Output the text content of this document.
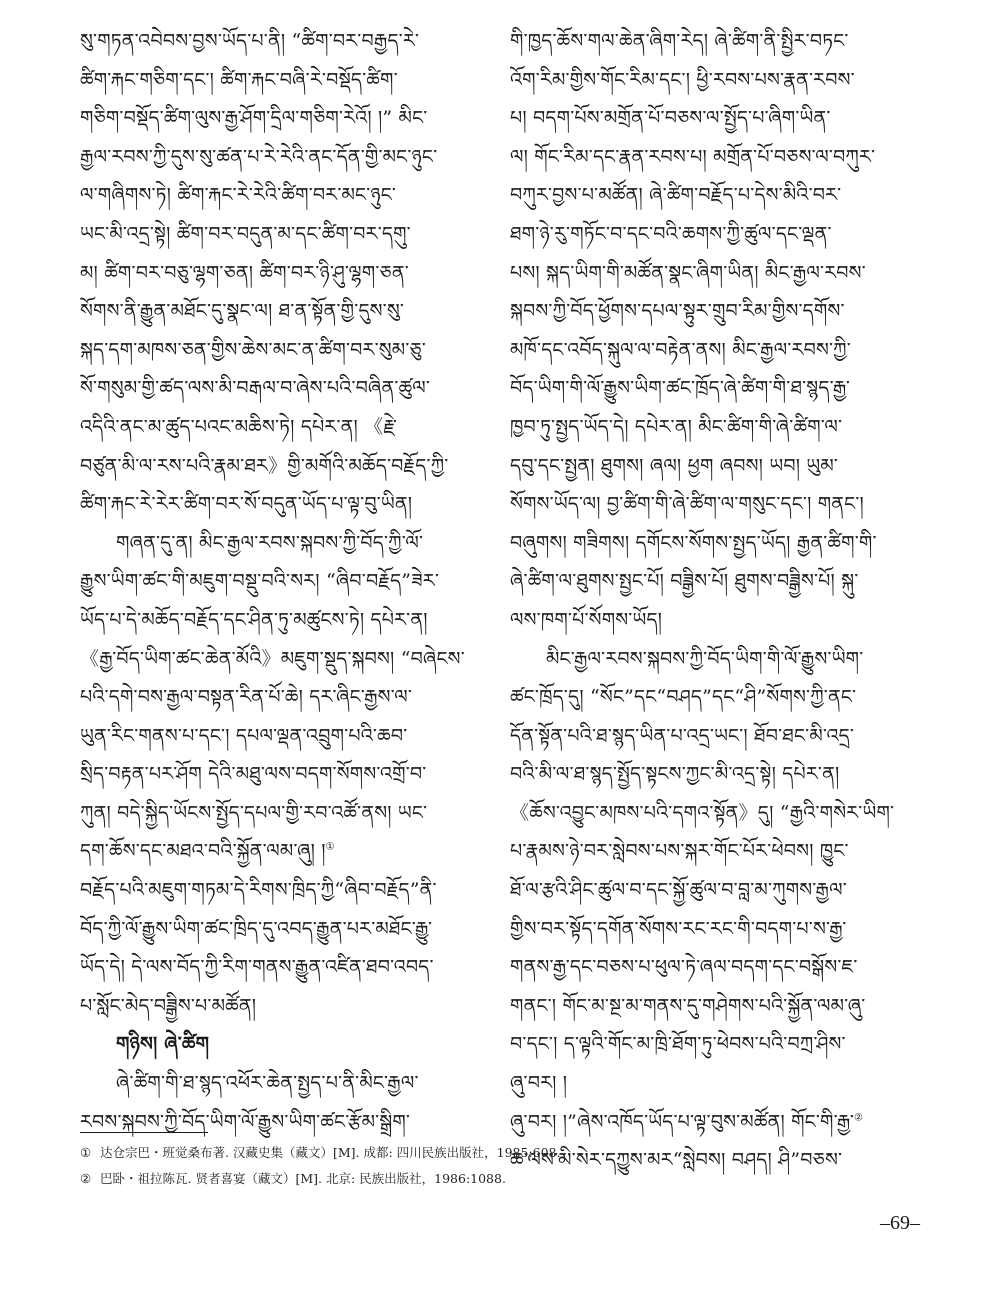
སུ་གཏན་འབེབས་བྱས་ཡོད་པ་ནི། “ཚིག་བར་བརྒྱད་རེ་
ཚིག་རྐང་གཅིག་དང་། ཚིག་རྐང་བཞི་རེ་བསྡོད་ཚིག་
གཅིག་བསྡོད་ཚིག་ལུས་རྒྱ་ཤོག་དྲིལ་གཅིག་རེའོ། །” མིང་
རྒྱལ་རབས་ཀྱི་དུས་སུ་ཚན་པ་རེ་རེའི་ནང་དོན་གྱི་མང་ཉུང་
ལ་གཞིགས་ཏེ། ཚིག་རྐང་རེ་རེའི་ཚིག་བར་མང་ཉུང་
ཡང་མི་འདྲ་སྟེ། ཚིག་བར་བདུན་མ་དང་ཚིག་བར་དགུ་
མ། ཚིག་བར་བཅུ་ལྷག་ཅན། ཚིག་བར་ཉི་ཤུ་ལྷག་ཅན་
སོགས་ནི་རྒྱུན་མཐོང་དུ་སྣང་ལ། ཐ་ན་སྟོན་གྱི་དུས་སུ་
སྐད་དག་མཁས་ཅན་གྱིས་ཆེས་མང་ན་ཚིག་བར་སུམ་ཅུ་
སོ་གསུམ་གྱི་ཚད་ལས་མི་བརྒལ་བ་ཞེས་པའི་བཞིན་ཚུལ་
འདིའི་ནང་མ་ཚུད་པའང་མཆིས་ཏེ། དཔེར་ན། 《རྗེ་
བཙུན་མི་ལ་རས་པའི་རྣམ་ཐར》གྱི་མགོའི་མཆོད་བརྗོད་ཀྱི་
ཚིག་རྐང་རེ་རེར་ཚིག་བར་སོ་བདུན་ཡོད་པ་ལྟ་བུ་ཡིན།
གཞན་དུ་ན། མིང་རྒྱལ་རབས་སྐབས་ཀྱི་བོད་ཀྱི་ལོ་
རྒྱུས་ཡིག་ཚང་གི་མཇུག་བསྡུ་བའི་སར། “ཞིབ་བརྗོད”ཟེར་
ཡོད་པ་དེ་མཆོད་བརྗོད་དང་ཤིན་ཏུ་མཚུངས་ཏེ། དཔེར་ན།
《རྒྱ་བོད་ཡིག་ཚང་ཆེན་མོའི》མཇུག་སྡུད་སྐབས། “བཞེངས་
པའི་དགེ་བས་རྒྱལ་བསྟན་རིན་པོ་ཆེ། དར་ཞིང་རྒྱས་ལ་
ཡུན་རིང་གནས་པ་དང་། དཔལ་ལྡན་འབྲུག་པའི་ཆབ་
སྲིད་བརྟན་པར་ཤོག དེའི་མཐུ་ལས་བདག་སོགས་འགྲོ་བ་
ཀུན། བདེ་སྐྱིད་ཡོངས་སྤྱོད་དཔལ་གྱི་རབ་འཚོ་ནས། ཡང་
དག་ཆོས་དང་མཐའ་བའི་སྐྱོན་ལམ་ཞུ། །①
བརྗོད་པའི་མཇུག་གཏམ་དེ་རིགས་ཁྲིད་ཀྱི“ཞིབ་བརྗོད”ནི་
བོད་ཀྱི་ལོ་རྒྱུས་ཡིག་ཚང་ཁྲིད་དུ་འབད་རྒྱུན་པར་མཐོང་རྒྱུ་
ཡོད་དེ། དེ་ལས་བོད་ཀྱི་རིག་གནས་རྒྱུན་འཛིན་ཐབ་འབད་
པ་སློང་མེད་བཟྒྱིས་པ་མཚོན།
གཉིས། ཞེ་ཚིག
ཞེ་ཚིག་གི་ཐ་སྙད་འཕོར་ཆེན་སྤྱད་པ་ནི་མིང་རྒྱལ་
རབས་སྐབས་ཀྱི་བོད་ཡིག་ལོ་རྒྱུས་ཡིག་ཚང་རྩོམ་སྒྲིག་
གི་ཁྱད་ཆོས་གལ་ཆེན་ཞིག་རེད། ཞེ་ཚིག་ནི་སྤྱིར་བཏང་
འོག་རིམ་གྱིས་གོང་རིམ་དང་། ཕྱི་རབས་པས་རྣན་རབས་
པ། བདག་པོས་མགྲོན་པོ་བཅས་ལ་སྤྱོད་པ་ཞིག་ཡིན་
ལ། གོང་རིམ་དང་རྣན་རབས་པ། མགྲོན་པོ་བཅས་ལ་བཀུར་
བཀུར་བྱས་པ་མཚོན། ཞེ་ཚིག་བརྗོད་པ་དེས་མིའི་བར་
ཐག་ཉེ་རུ་གཏོང་བ་དང་བའི་ཆགས་ཀྱི་ཚུལ་དང་ལྡན་
པས། སྐད་ཡིག་གི་མཚོན་སྣང་ཞིག་ཡིན། མིང་རྒྱལ་རབས་
སྐབས་ཀྱི་བོད་ཕྱོགས་དཔལ་སྟུར་གྲུབ་རིམ་གྱིས་དགོས་
མཁོ་དང་འབོད་སྐུལ་ལ་བརྟེན་ནས། མིང་རྒྱལ་རབས་ཀྱི་
བོད་ཡིག་གི་ལོ་རྒྱུས་ཡིག་ཚང་ཁྲོད་ཞེ་ཚིག་གི་ཐ་སྙད་རྒྱ་
ཁྱབ་ཏུ་སྤྱད་ཡོད་དེ། དཔེར་ན། མིང་ཚིག་གི་ཞེ་ཚིག་ལ་
དབུ་དང་སྤྱན། ཐུགས། ཞལ། ཕྱག ཞབས། ཡབ། ཡུམ་
སོགས་ཡོད་ལ། བྱ་ཚིག་གི་ཞེ་ཚིག་ལ་གསུང་དང་། གནང་།
བཞུགས། གཟིགས། དགོངས་སོགས་སྤྱད་ཡོད། རྒྱན་ཚིག་གི་
ཞེ་ཚིག་ལ་ཐུགས་སྤྱང་པོ། བཟྒྱིས་པོ། ཐུགས་བཟྒྱིས་པོ། སྐུ་
ལས་ཁག་པོ་སོགས་ཡོད།
མིང་རྒྱལ་རབས་སྐབས་ཀྱི་བོད་ཡིག་གི་ལོ་རྒྱུས་ཡིག་
ཚང་ཁྲོད་དུ། “སོང”དང“བཤད”དང“ཤི”སོགས་ཀྱི་ནང་
དོན་སྟོན་པའི་ཐ་སྙད་ཡིན་པ་འདྲ་ཡང་། ཐོབ་ཐང་མི་འདྲ་
བའི་མི་ལ་ཐ་སྙད་སྤྱོད་སྟངས་ཀྱང་མི་འདྲ་སྟེ། དཔེར་ན།
《ཆོས་འབྱུང་མཁས་པའི་དགའ་སྟོན》དུ། “རྒྱའི་གསེར་ཡིག་
པ་རྣམས་ཉེ་བར་སླེབས་པས་སྐར་གོང་པོར་ཕེབས། ཁྱུང་
ཐོ་ལ་རྩའི་ཤིང་ཚུལ་བ་དང་སྐྱོ་ཚུལ་བ་བླ་མ་ཀུགས་རྒྱལ་
གྱིས་བར་སྟོད་དགོན་སོགས་རང་རང་གི་བདག་པ་ས་རྒྱ་
གནས་རྒྱ་དང་བཅས་པ་ཕུལ་ཏེ་ཞལ་བདག་དང་བསྒོས་ཇ་
གནང་། གོང་མ་སྔ་མ་གནས་དུ་གཤེགས་པའི་སྐྱོན་ལམ་ཞུ་
བ་དང་། ད་ལྟའི་གོང་མ་ཁྲི་ཐོག་ཏུ་ཕེབས་པའི་བཀྲ་ཤིས་
ཞུ་བར། །
ཞུ་བར། །”ཞེས་འཁོད་ཡོད་པ་ལྟ་བུས་མཚོན། གོང་གི་རྒྱ་②
ཆ་ལས་མི་སེར་དཀྱུས་མར“སླེབས། བཤད། ཤི”བཅས་
① 达仓宗巴・班觉桑布著. 汉藏史集（藏文）[M]. 成都: 四川民族出版社，1985:608.
② 巴卧・祖拉陈瓦. 贤者喜宴（藏文）[M]. 北京: 民族出版社，1986:1088.
–69–
